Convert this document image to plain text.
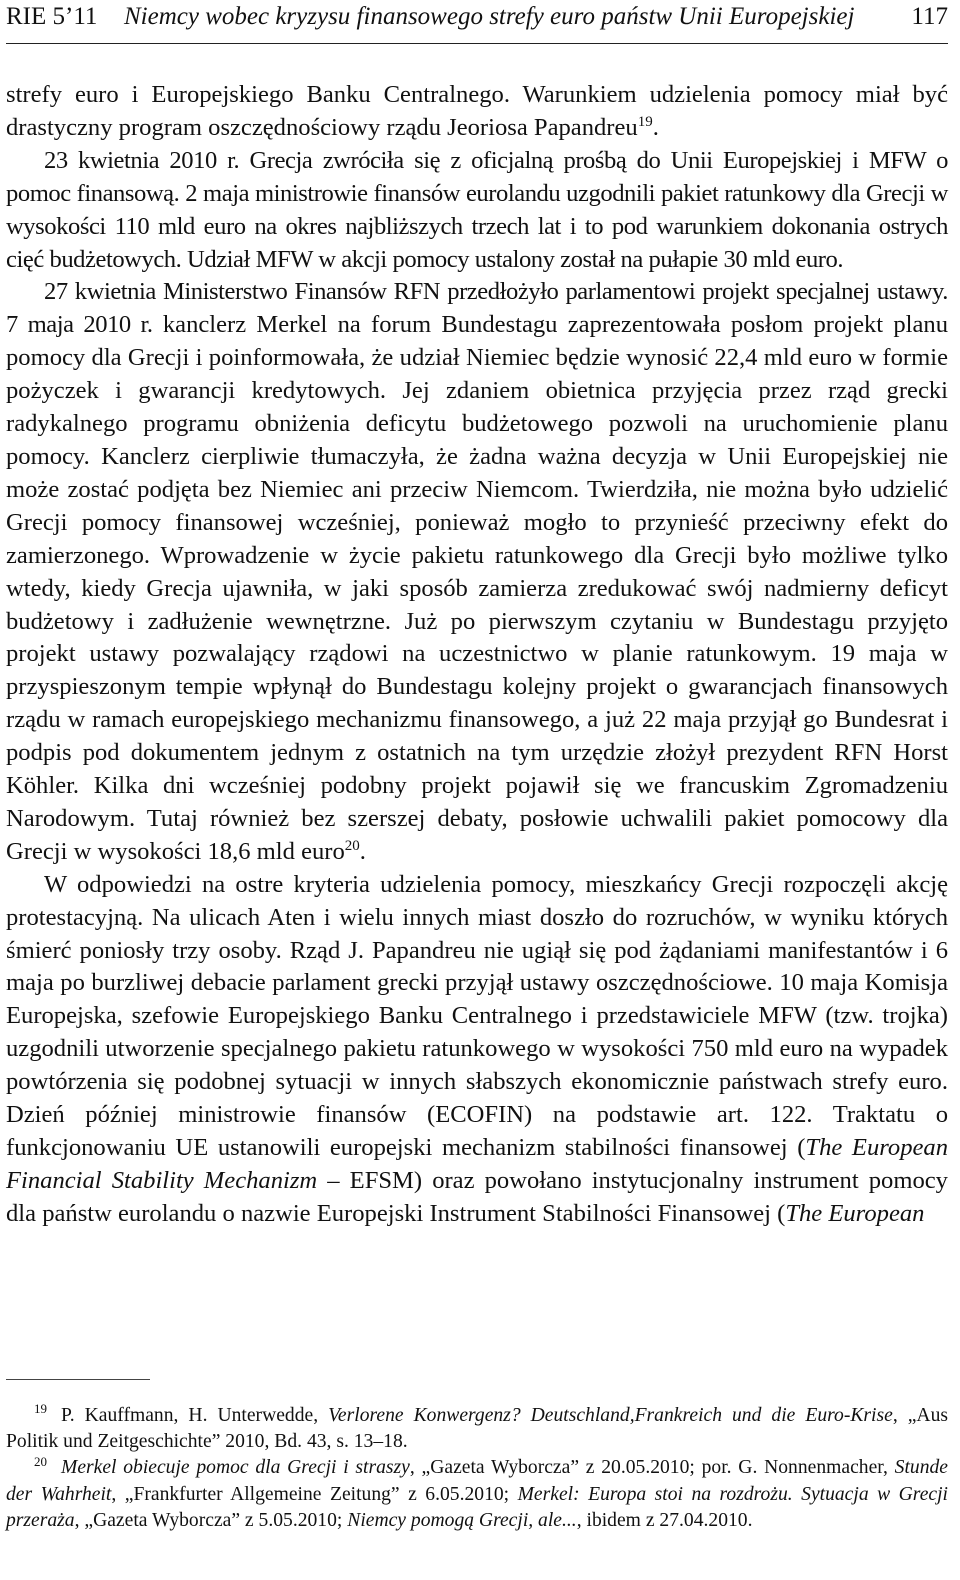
RIE 5’11 Niemcy wobec kryzysu finansowego strefy euro państw Unii Europejskiej 117

strefy euro i Europejskiego Banku Centralnego. Warunkiem udzielenia pomocy miał być drastyczny program oszczędnościowy rządu Jeoriosa Papandreu$^{19}$.

23 kwietnia 2010 r. Grecja zwróciła się z oficjalną prośbą do Unii Europejskiej i MFW o pomoc finansową. 2 maja ministrowie finansów eurolandu uzgodnili pakiet ratunkowy dla Grecji w wysokości 110 mld euro na okres najbliższych trzech lat i to pod warunkiem dokonania ostrych cięć budżetowych. Udział MFW w akcji pomocy ustalony został na pułapie 30 mld euro.

27 kwietnia Ministerstwo Finansów RFN przedłożyło parlamentowi projekt specjalnej ustawy. 7 maja 2010 r. kanclerz Merkel na forum Bundestagu zaprezentowała posłom projekt planu pomocy dla Grecji i poinformowała, że udział Niemiec będzie wynosić 22,4 mld euro w formie pożyczek i gwarancji kredytowych. Jej zdaniem obietnica przyjęcia przez rząd grecki radykalnego programu obniżenia deficytu budżetowego pozwoli na uruchomienie planu pomocy. Kanclerz cierpliwie tłumaczyła, że żadna ważna decyzja w Unii Europejskiej nie może zostać podjęta bez Niemiec ani przeciw Niemcom. Twierdziła, nie można było udzielić Grecji pomocy finansowej wcześniej, ponieważ mogło to przynieść przeciwny efekt do zamierzonego. Wprowadzenie w życie pakietu ratunkowego dla Grecji było możliwe tylko wtedy, kiedy Grecja ujawniła, w jaki sposób zamierza zredukować swój nadmierny deficyt budżetowy i zadłużenie wewnętrzne. Już po pierwszym czytaniu w Bundestagu przyjęto projekt ustawy pozwalający rządowi na uczestnictwo w planie ratunkowym. 19 maja w przyspieszonym tempie wpłynął do Bundestagu kolejny projekt o gwarancjach finansowych rządu w ramach europejskiego mechanizmu finansowego, a już 22 maja przyjął go Bundesrat i podpis pod dokumentem jednym z ostatnich na tym urzędzie złożył prezydent RFN Horst Köhler. Kilka dni wcześniej podobny projekt pojawił się we francuskim Zgromadzeniu Narodowym. Tutaj również bez szerszej debaty, posłowie uchwalili pakiet pomocowy dla Grecji w wysokości 18,6 mld euro$^{20}$.

W odpowiedzi na ostre kryteria udzielenia pomocy, mieszkańcy Grecji rozpoczęli akcję protestacyjną. Na ulicach Aten i wielu innych miast doszło do rozruchów, w wyniku których śmierć poniosły trzy osoby. Rząd J. Papandreu nie ugiął się pod żądaniami manifestantów i 6 maja po burzliwej debacie parlament grecki przyjął ustawy oszczędnościowe. 10 maja Komisja Europejska, szefowie Europejskiego Banku Centralnego i przedstawiciele MFW (tzw. trojka) uzgodnili utworzenie specjalnego pakietu ratunkowego w wysokości 750 mld euro na wypadek powtórzenia się podobnej sytuacji w innych słabszych ekonomicznie państwach strefy euro. Dzień później ministrowie finansów (ECOFIN) na podstawie art. 122. Traktatu o funkcjonowaniu UE ustanowili europejski mechanizm stabilności finansowej (The European Financial Stability Mechanizm – EFSM) oraz powołano instytucjonalny instrument pomocy dla państw eurolandu o nazwie Europejski Instrument Stabilności Finansowej (The European

$^{19}$ P. Kauffmann, H. Unterwedde, Verlorene Konwergenz? Deutschland,Frankreich und die Euro-Krise, „Aus Politik und Zeitgeschichte” 2010, Bd. 43, s. 13–18.

$^{20}$ Merkel obiecuje pomoc dla Grecji i straszy, „Gazeta Wyborcza” z 20.05.2010; por. G. Nonnenmacher, Stunde der Wahrheit, „Frankfurter Allgemeine Zeitung” z 6.05.2010; Merkel: Europa stoi na rozdrożu. Sytuacja w Grecji przeraża, „Gazeta Wyborcza” z 5.05.2010; Niemcy pomogą Grecji, ale..., ibidem z 27.04.2010.
